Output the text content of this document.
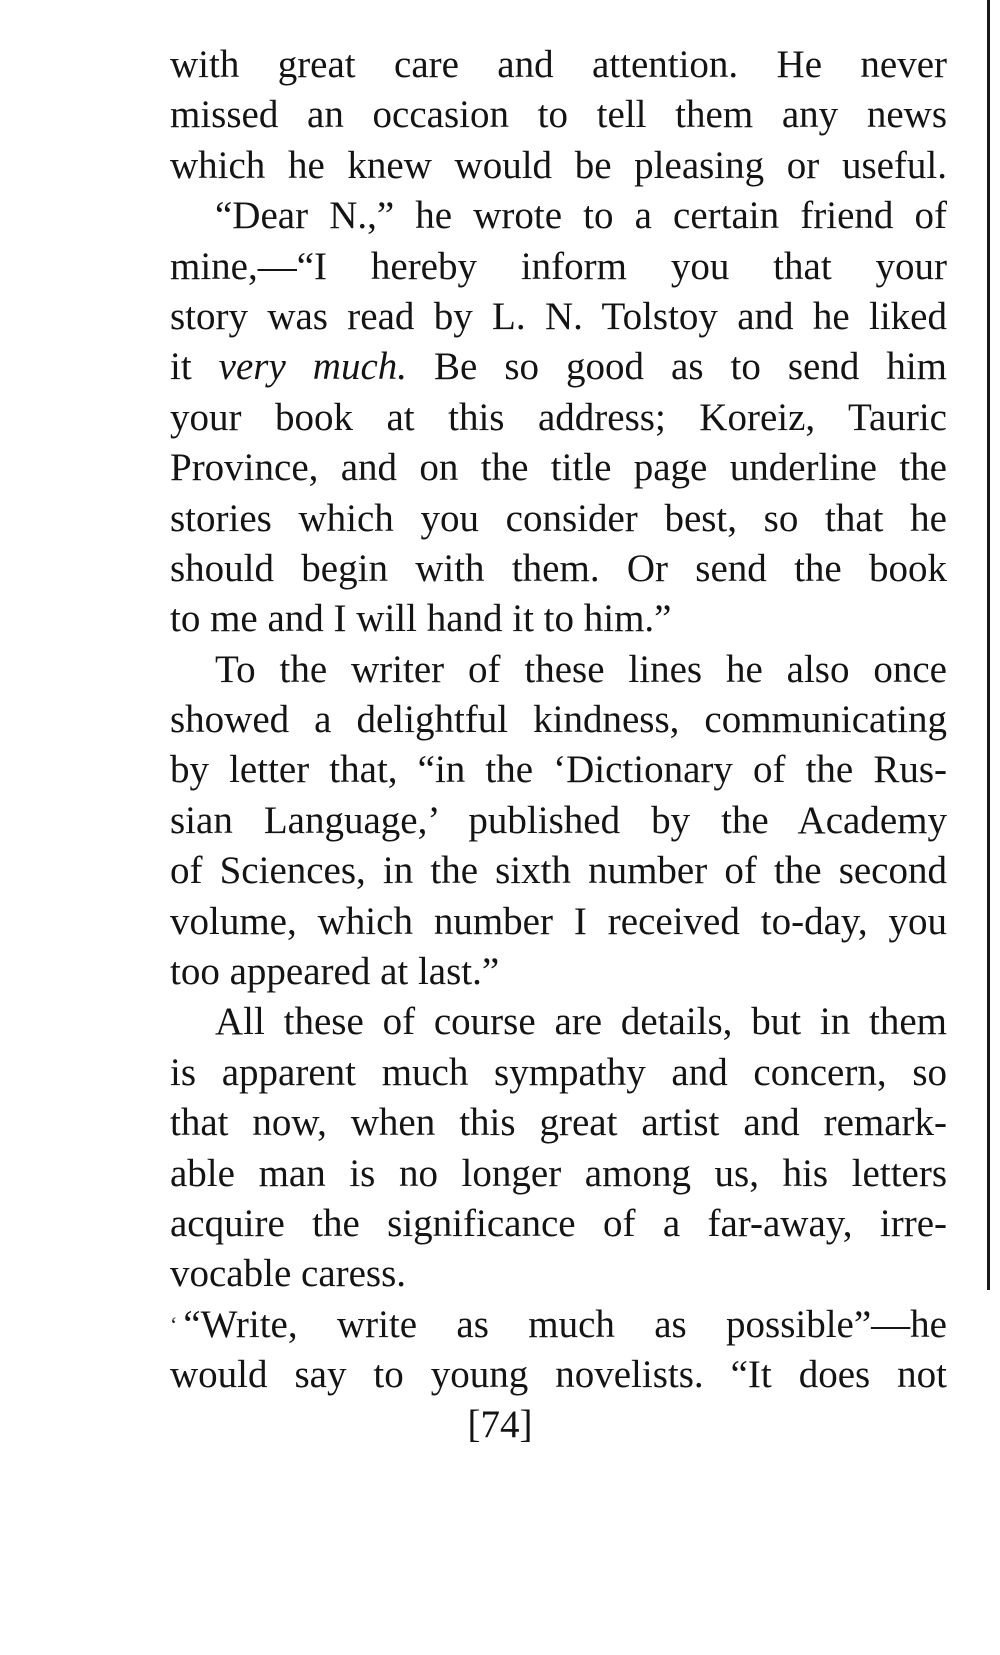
with great care and attention. He never
missed an occasion to tell them any news
which he knew would be pleasing or useful.
“Dear N.,” he wrote to a certain friend of
mine,—“I hereby inform you that your
story was read by L. N. Tolstoy and he liked
it very much. Be so good as to send him
your book at this address; Koreiz, Tauric
Province, and on the title page underline the
stories which you consider best, so that he
should begin with them. Or send the book
to me and I will hand it to him.”
To the writer of these lines he also once
showed a delightful kindness, communicating
by letter that, “in the ‘Dictionary of the Rus-
sian Language,’ published by the Academy
of Sciences, in the sixth number of the second
volume, which number I received to-day, you
too appeared at last.”
All these of course are details, but in them
is apparent much sympathy and concern, so
that now, when this great artist and remark-
able man is no longer among us, his letters
acquire the significance of a far-away, irre-
vocable caress.
‘ “Write, write as much as possible”—he
would say to young novelists. “It does not
[74]
